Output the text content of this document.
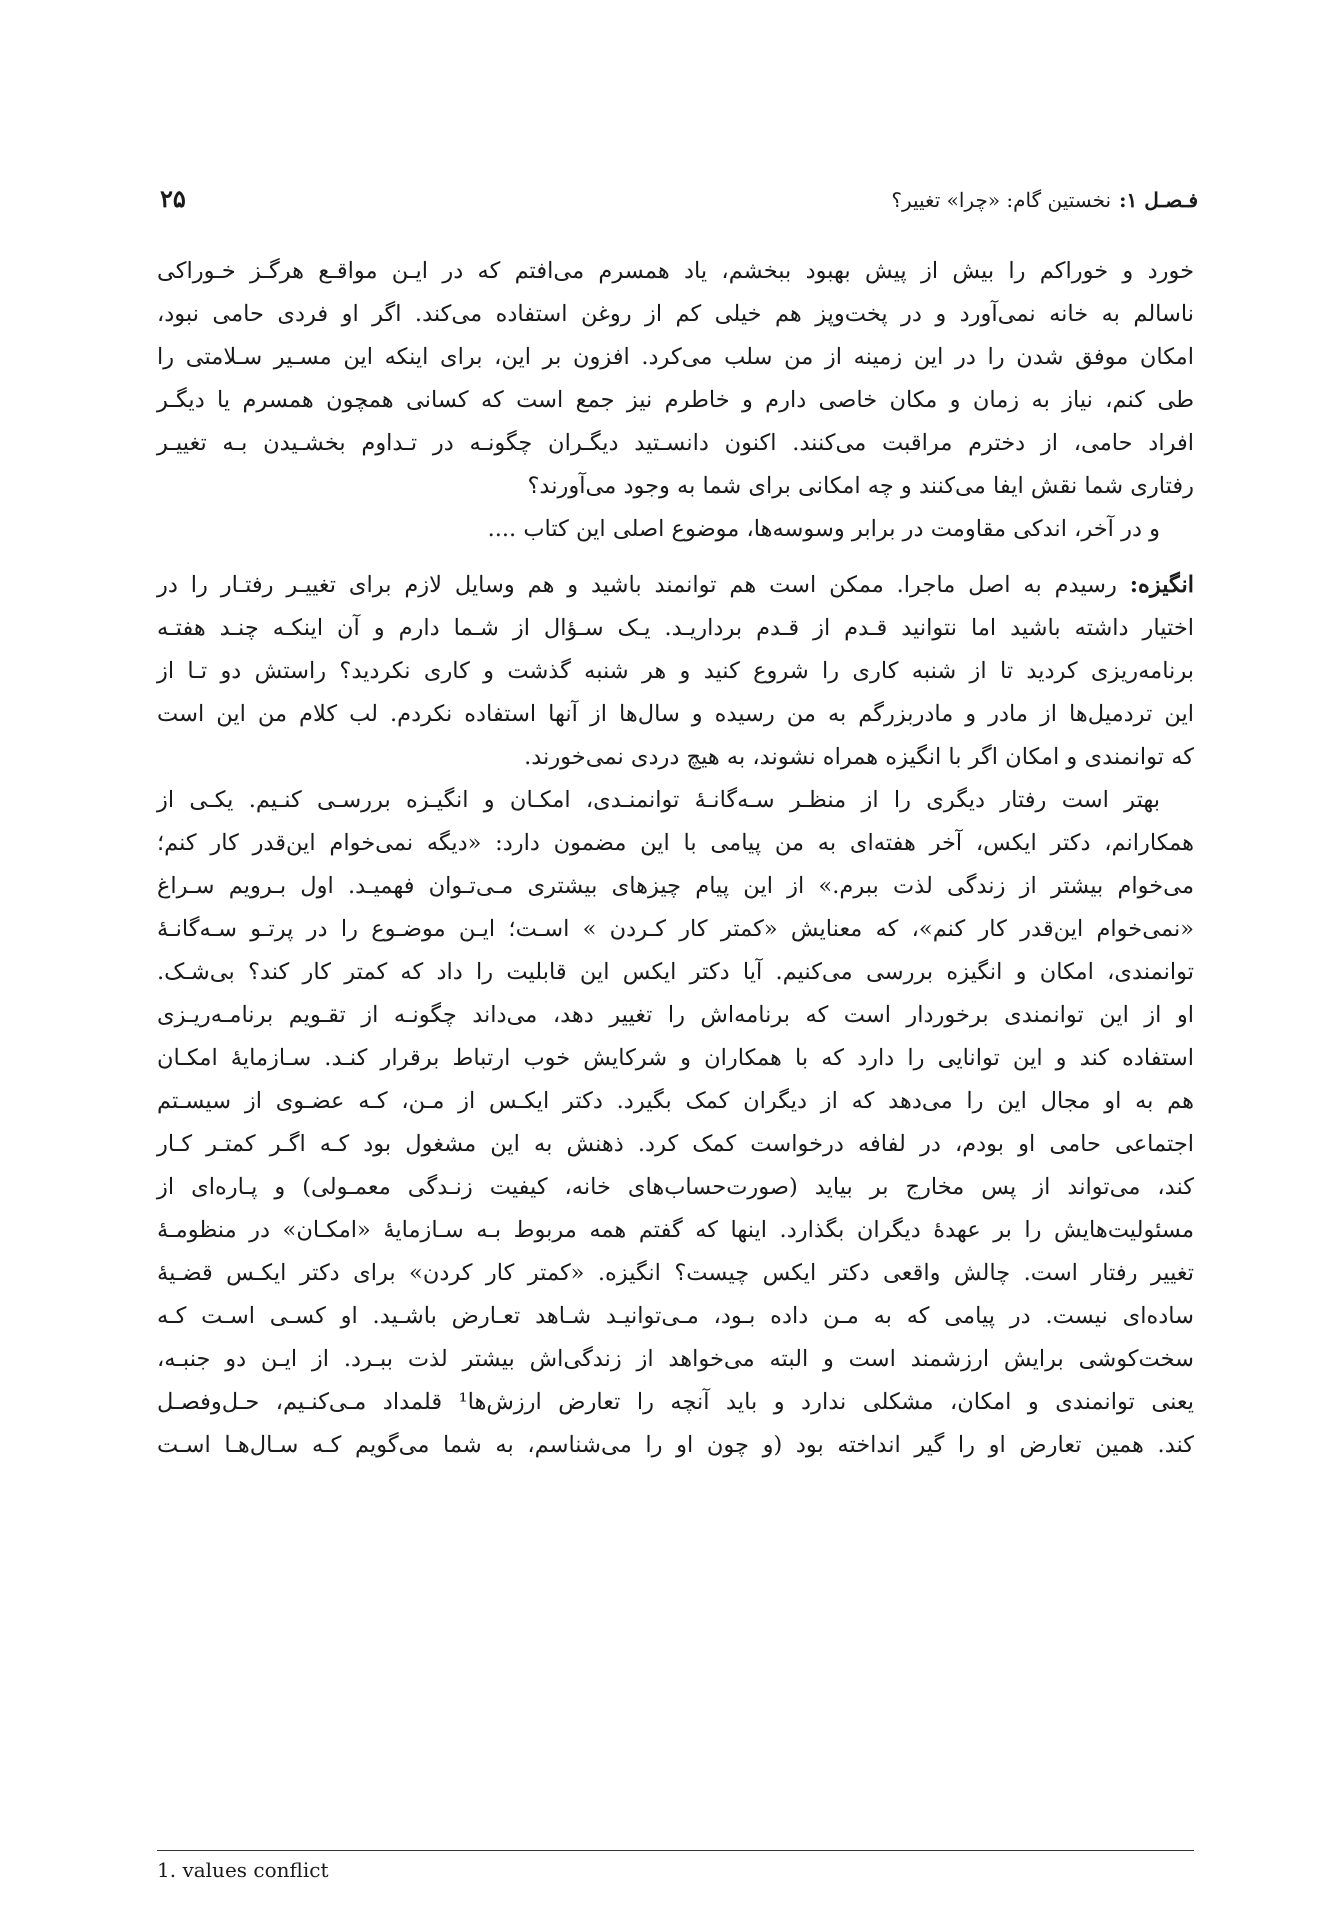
فـصـل ۱:
نخستین گام: «چرا» تغییر؟
۲۵
خورد و خوراکم را بیش از پیش بهبود ببخشم، یاد همسرم می‌افتم که در ایـن مواقـع هرگـز خـوراکی
ناسالم به خانه نمی‌آورد و در پخت‌وپز هم خیلی کم از روغن استفاده می‌کند. اگر او فردی حامی نبود،
امکان موفق شدن را در این زمینه از من سلب می‌کرد. افزون بر این، برای اینکه این مسـیر سـلامتی را
طی کنم، نیاز به زمان و مکان خاصی دارم و خاطرم نیز جمع است که کسانی همچون همسرم یا دیگـر
افراد حامی، از دخترم مراقبت می‌کنند. اکنون دانسـتید دیگـران چگونـه در تـداوم بخشـیدن بـه تغییـر
رفتاری شما نقش ایفا می‌کنند و چه امکانی برای شما به وجود می‌آورند؟
و در آخر، اندکی مقاومت در برابر وسوسه‌ها، موضوع اصلی این کتاب ....
انگیزه: رسیدم به اصل ماجرا. ممکن است هم توانمند باشید و هم وسایل لازم برای تغییـر رفتـار را در
اختیار داشته باشید اما نتوانید قـدم از قـدم برداریـد. یـک سـؤال از شـما دارم و آن اینکـه چنـد هفتـه
برنامه‌ریزی کردید تا از شنبه کاری را شروع کنید و هر شنبه گذشت و کاری نکردید؟ راستش دو تـا از
این تردمیل‌ها از مادر و مادربزرگم به من رسیده و سال‌ها از آنها استفاده نکردم. لب کلام من این است
که توانمندی و امکان اگر با انگیزه همراه نشوند، به هیچ دردی نمی‌خورند.
بهتر است رفتار دیگری را از منظـر سـه‌گانـهٔ توانمنـدی، امکـان و انگیـزه بررسـی کنـیم. یکـی از
همکارانم، دکتر ایکس، آخر هفته‌ای به من پیامی با این مضمون دارد: «دیگه نمی‌خوام این‌قدر کار کنم؛
می‌خوام بیشتر از زندگی لذت ببرم.» از این پیام چیزهای بیشتری مـی‌تـوان فهمیـد. اول بـرویم سـراغ
«نمی‌خوام این‌قدر کار کنم»، که معنایش «کمتر کار کـردن » اسـت؛ ایـن موضـوع را در پرتـو سـه‌گانـهٔ
توانمندی، امکان و انگیزه بررسی می‌کنیم. آیا دکتر ایکس این قابلیت را داد که کمتر کار کند؟ بی‌شـک.
او از این توانمندی برخوردار است که برنامه‌اش را تغییر دهد، می‌داند چگونـه از تقـویم برنامـه‌ریـزی
استفاده کند و این توانایی را دارد که با همکاران و شرکایش خوب ارتباط برقرار کنـد. سـازمایهٔ امکـان
هم به او مجال این را می‌دهد که از دیگران کمک بگیرد. دکتر ایکـس از مـن، کـه عضـوی از سیسـتم
اجتماعی حامی او بودم، در لفافه درخواست کمک کرد. ذهنش به این مشغول بود کـه اگـر کمتـر کـار
کند، می‌تواند از پس مخارج بر بیاید (صورت‌حساب‌های خانه، کیفیت زنـدگی معمـولی) و پـاره‌ای از
مسئولیت‌هایش را بر عهدهٔ دیگران بگذارد. اینها که گفتم همه مربوط بـه سـازمایهٔ «امکـان» در منظومـهٔ
تغییر رفتار است. چالش واقعی دکتر ایکس چیست؟ انگیزه. «کمتر کار کردن» برای دکتر ایکـس قضـیهٔ
ساده‌ای نیست. در پیامی که به مـن داده بـود، مـی‌توانیـد شـاهد تعـارض باشـید. او کسـی اسـت کـه
سخت‌کوشی برایش ارزشمند است و البته می‌خواهد از زندگی‌اش بیشتر لذت ببـرد. از ایـن دو جنبـه،
یعنی توانمندی و امکان، مشکلی ندارد و باید آنچه را تعارض ارزش‌ها¹ قلمداد مـی‌کنـیم، حـل‌وفصـل
کند. همین تعارض او را گیر انداخته بود (و چون او را می‌شناسم، به شما می‌گویم کـه سـال‌هـا اسـت
1. values conflict
